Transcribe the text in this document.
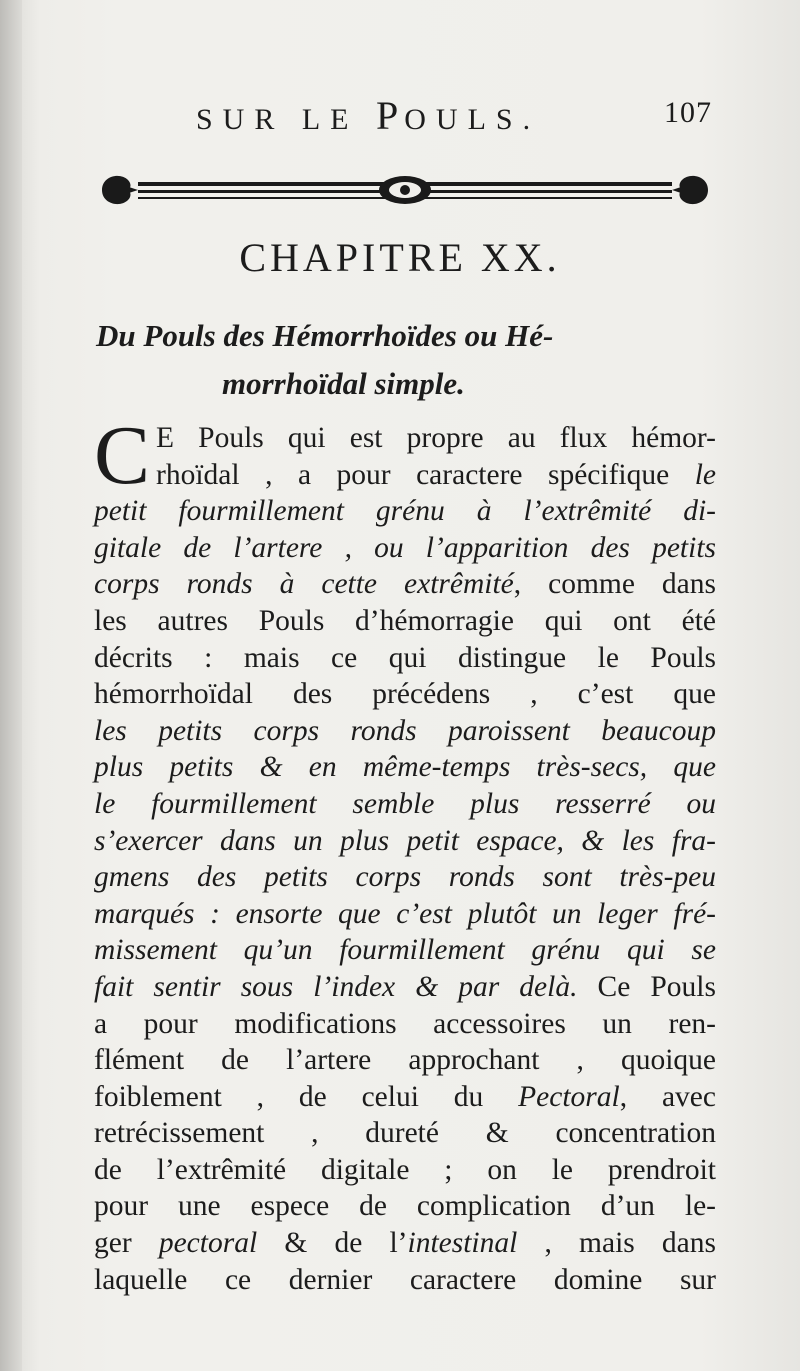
SUR LE POULS.	107
CHAPITRE XX.
Du Pouls des Hémorrhoïdes ou Hé-
morrhoïdal simple.
C E Pouls qui est propre au flux hémor-
rhoïdal , a pour caractere spécifique le
petit fourmillement grénu à l’extrêmité di-
gitale de l’artere , ou l’apparition des petits
corps ronds à cette extrêmité, comme dans
les autres Pouls d’hémorragie qui ont été
décrits : mais ce qui distingue le Pouls
hémorrhoïdal des précédens , c’est que
les petits corps ronds paroissent beaucoup
plus petits & en même-temps très-secs, que
le fourmillement semble plus resserré ou
s’exercer dans un plus petit espace, & les fra-
gmens des petits corps ronds sont très-peu
marqués : ensorte que c’est plutôt un leger fré-
missement qu’un fourmillement grénu qui se
fait sentir sous l’index & par delà. Ce Pouls
a pour modifications accessoires un ren-
flément de l’artere approchant , quoique
foiblement , de celui du Pectoral, avec
retrécissement , dureté & concentration
de l’extrêmité digitale ; on le prendroit
pour une espece de complication d’un le-
ger pectoral & de l’intestinal , mais dans
laquelle ce dernier caractere domine sur
